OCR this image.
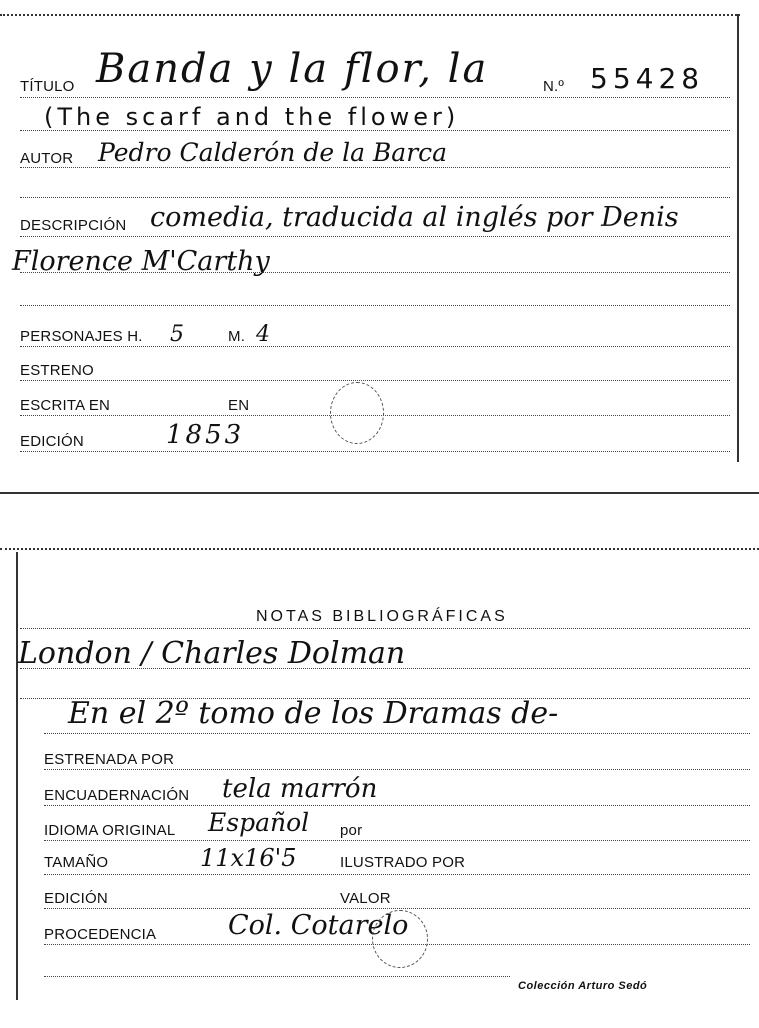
TÍTULO Banda y la flor, la	N.º 55428
(The scarf and the flower)
AUTOR Pedro Calderón de la Barca
DESCRIPCIÓN comedia, traducida al inglés por Denis
Florence M'Carthy
PERSONAJES H. 5	M. 4
ESTRENO
ESCRITA EN	EN
EDICIÓN	1853
NOTAS BIBLIOGRÁFICAS
London / Charles Dolman
En el 2º tomo de los Dramas de-
ESTRENADA POR
ENCUADERNACIÓN tela marrón
IDIOMA ORIGINAL Español por
TAMAÑO	11x16'5	ILUSTRADO POR
EDICIÓN	VALOR
PROCEDENCIA	Col. Cotarelo
Colección Arturo Sedó
